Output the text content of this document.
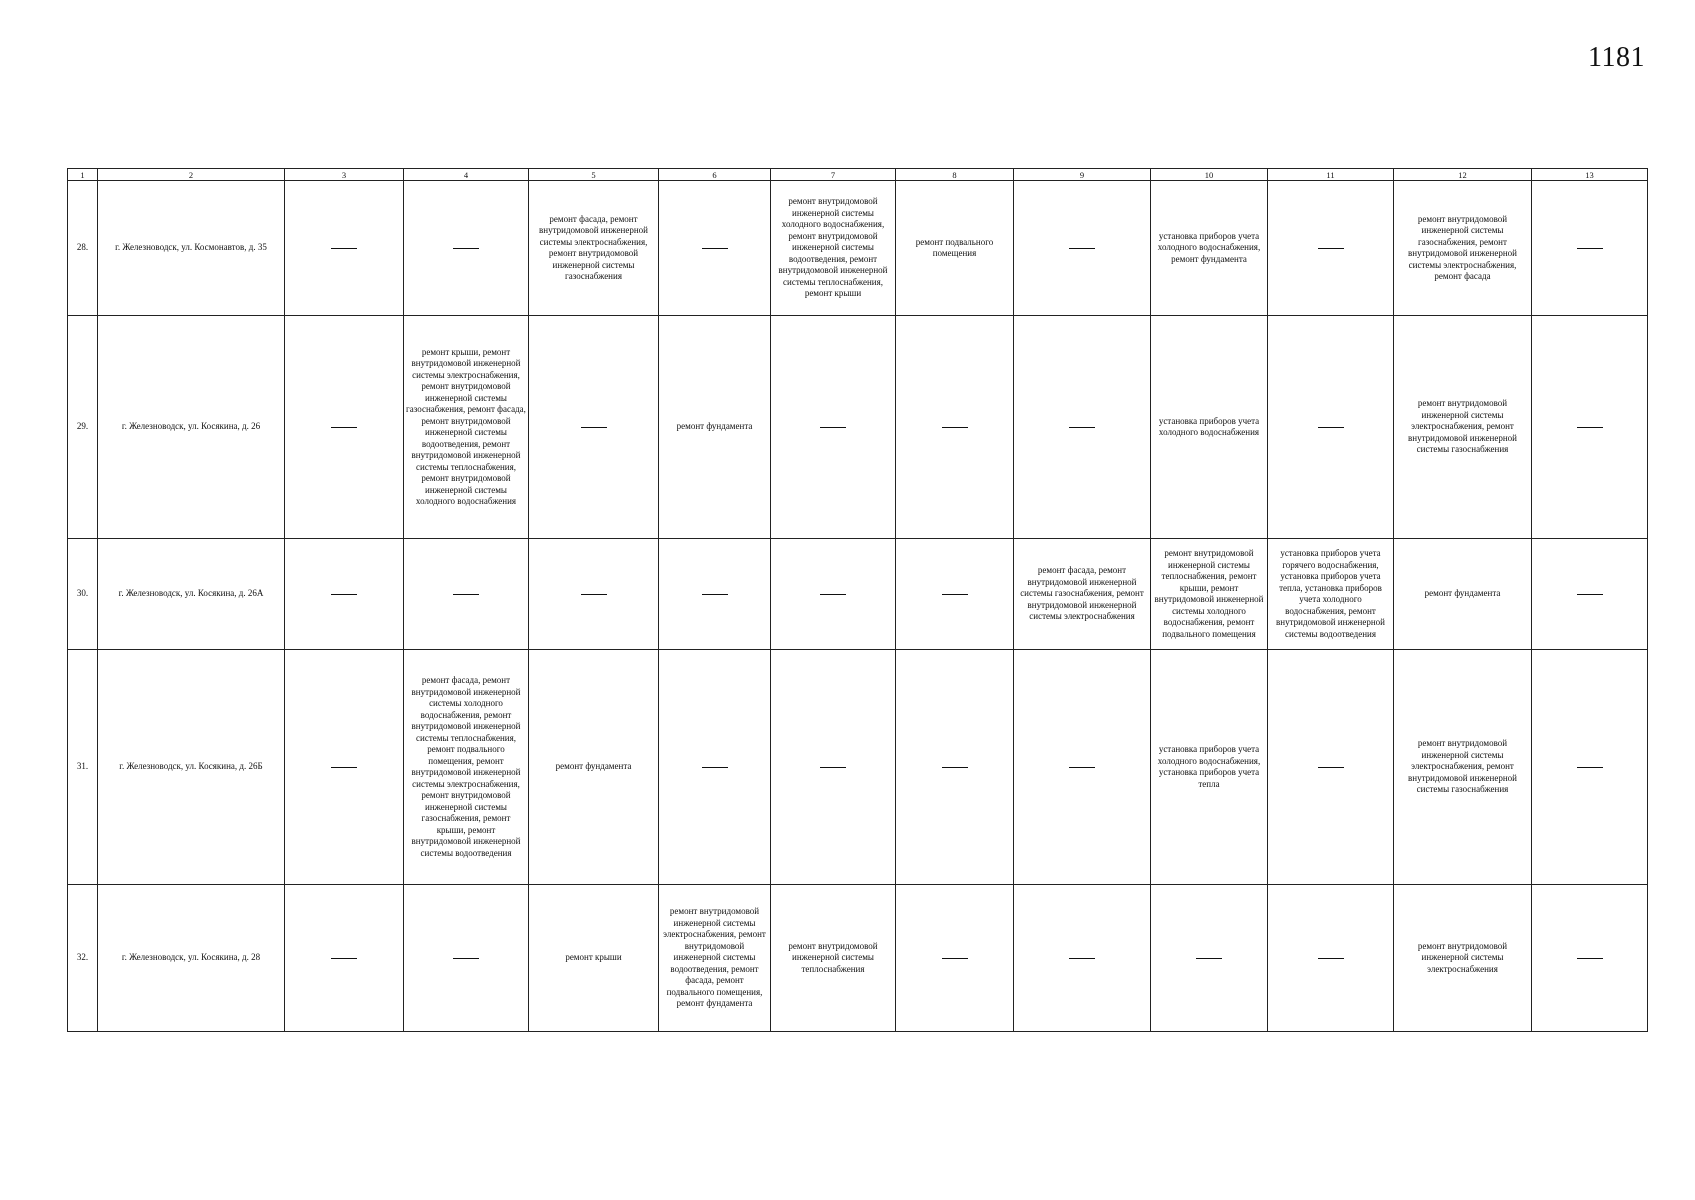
1181
1	2	3	4	5	6	7	8	9	10	11	12	13
28.	г. Железноводск, ул. Космонавтов, д. 35			ремонт фасада, ремонт внутридомовой инженерной системы электроснабжения, ремонт внутридомовой инженерной системы газоснабжения		ремонт внутридомовой инженерной системы холодного водоснабжения, ремонт внутридомовой инженерной системы водоотведения, ремонт внутридомовой инженерной системы теплоснабжения, ремонт крыши	ремонт подвального помещения		установка приборов учета холодного водоснабжения, ремонт фундамента		ремонт внутридомовой инженерной системы газоснабжения, ремонт внутридомовой инженерной системы электроснабжения, ремонт фасада	
29.	г. Железноводск, ул. Косякина, д. 26		ремонт крыши, ремонт внутридомовой инженерной системы электроснабжения, ремонт внутридомовой инженерной системы газоснабжения, ремонт фасада, ремонт внутридомовой инженерной системы водоотведения, ремонт внутридомовой инженерной системы теплоснабжения, ремонт внутридомовой инженерной системы холодного водоснабжения		ремонт фундамента				установка приборов учета холодного водоснабжения		ремонт внутридомовой инженерной системы электроснабжения, ремонт внутридомовой инженерной системы газоснабжения	
30.	г. Железноводск, ул. Косякина, д. 26А							ремонт фасада, ремонт внутридомовой инженерной системы газоснабжения, ремонт внутридомовой инженерной системы электроснабжения	ремонт внутридомовой инженерной системы теплоснабжения, ремонт крыши, ремонт внутридомовой инженерной системы холодного водоснабжения, ремонт подвального помещения	установка приборов учета горячего водоснабжения, установка приборов учета тепла, установка приборов учета холодного водоснабжения, ремонт внутридомовой инженерной системы водоотведения	ремонт фундамента	
31.	г. Железноводск, ул. Косякина, д. 26Б		ремонт фасада, ремонт внутридомовой инженерной системы холодного водоснабжения, ремонт внутридомовой инженерной системы теплоснабжения, ремонт подвального помещения, ремонт внутридомовой инженерной системы электроснабжения, ремонт внутридомовой инженерной системы газоснабжения, ремонт крыши, ремонт внутридомовой инженерной системы водоотведения	ремонт фундамента					установка приборов учета холодного водоснабжения, установка приборов учета тепла		ремонт внутридомовой инженерной системы электроснабжения, ремонт внутридомовой инженерной системы газоснабжения	
32.	г. Железноводск, ул. Косякина, д. 28			ремонт крыши	ремонт внутридомовой инженерной системы электроснабжения, ремонт внутридомовой инженерной системы водоотведения, ремонт фасада, ремонт подвального помещения, ремонт фундамента	ремонт внутридомовой инженерной системы теплоснабжения					ремонт внутридомовой инженерной системы электроснабжения	
